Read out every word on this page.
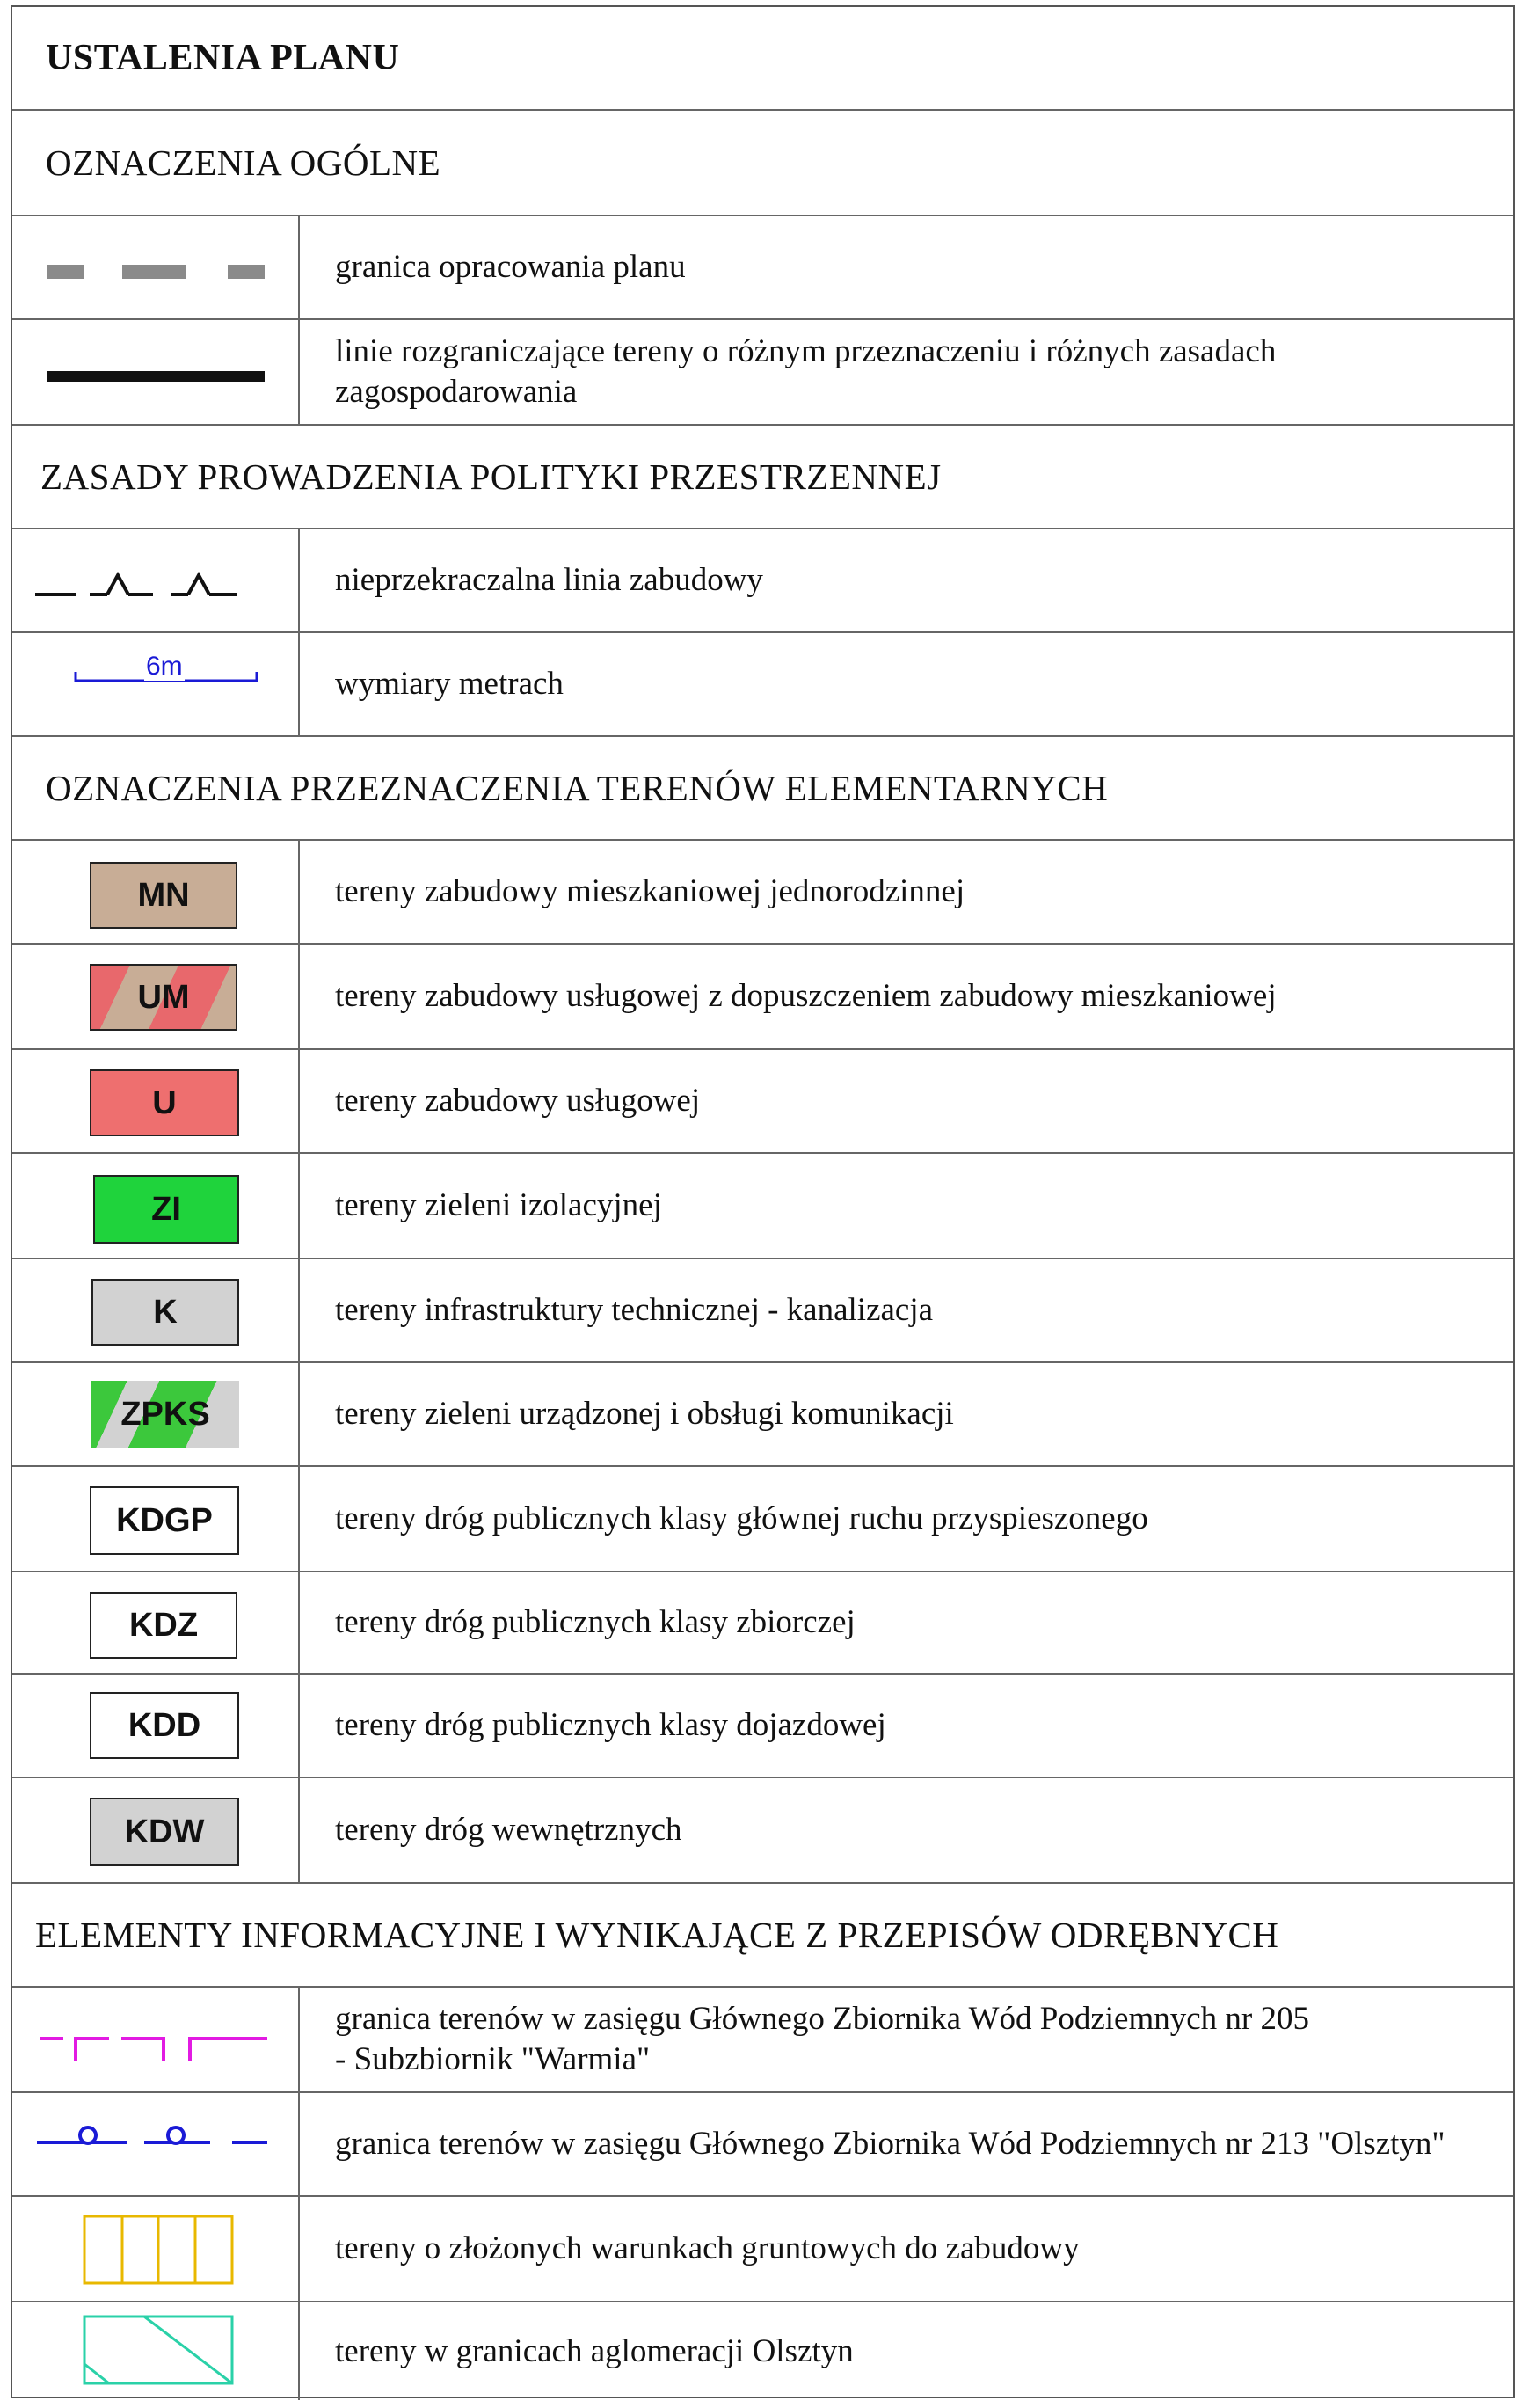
USTALENIA PLANU
OZNACZENIA OGÓLNE
granica opracowania planu
linie rozgraniczające tereny o różnym przeznaczeniu i różnych zasadach
zagospodarowania
ZASADY PROWADZENIA POLITYKI PRZESTRZENNEJ
nieprzekraczalna linia zabudowy
6m	wymiary metrach
OZNACZENIA PRZEZNACZENIA TERENÓW ELEMENTARNYCH
MN	tereny zabudowy mieszkaniowej jednorodzinnej
UM	tereny zabudowy usługowej z dopuszczeniem zabudowy mieszkaniowej
U	tereny zabudowy usługowej
ZI	tereny zieleni izolacyjnej
K	tereny infrastruktury technicznej - kanalizacja
ZPKS	tereny zieleni urządzonej i obsługi komunikacji
KDGP	tereny dróg publicznych klasy głównej ruchu przyspieszonego
KDZ	tereny dróg publicznych klasy zbiorczej
KDD	tereny dróg publicznych klasy dojazdowej
KDW	tereny dróg wewnętrznych
ELEMENTY INFORMACYJNE I WYNIKAJĄCE Z PRZEPISÓW ODRĘBNYCH
granica terenów w zasięgu Głównego Zbiornika Wód Podziemnych nr 205
- Subzbiornik "Warmia"
granica terenów w zasięgu Głównego Zbiornika Wód Podziemnych nr 213 "Olsztyn"
tereny o złożonych warunkach gruntowych do zabudowy
tereny w granicach aglomeracji Olsztyn
